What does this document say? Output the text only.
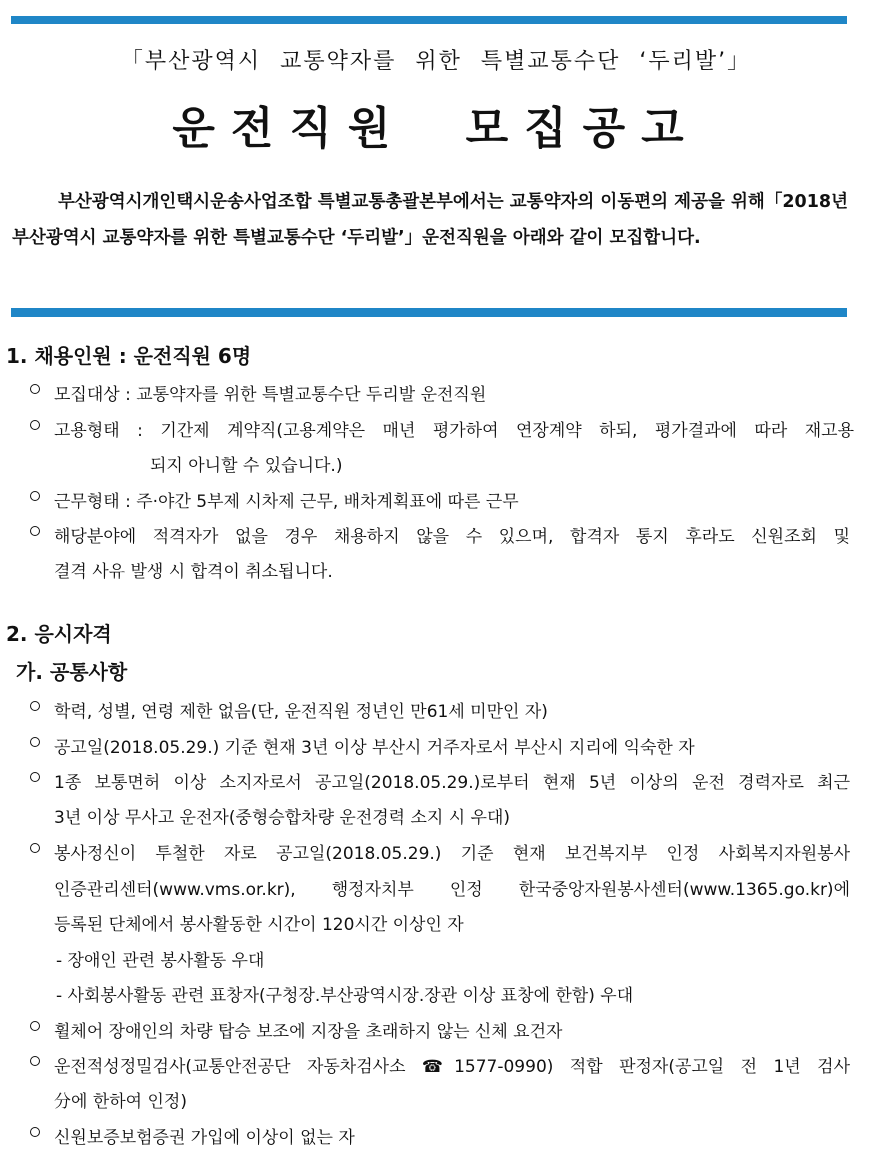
「부산광역시 교통약자를 위한 특별교통수단 ‘두리발’」
운전직원 모집공고
부산광역시개인택시운송사업조합 특별교통총괄본부에서는 교통약자의 이동편의 제공을 위해「2018년 부산광역시 교통약자를 위한 특별교통수단 ‘두리발’」운전직원을 아래와 같이 모집합니다.
1. 채용인원 : 운전직원 6명
모집대상 : 교통약자를 위한 특별교통수단 두리발 운전직원
고용형태 : 기간제 계약직(고용계약은 매년 평가하여 연장계약 하되, 평가결과에 따라 재고용
되지 아니할 수 있습니다.)
근무형태 : 주·야간 5부제 시차제 근무, 배차계획표에 따른 근무
해당분야에 적격자가 없을 경우 채용하지 않을 수 있으며, 합격자 통지 후라도 신원조회 및
결격 사유 발생 시 합격이 취소됩니다.
2. 응시자격
가. 공통사항
학력, 성별, 연령 제한 없음(단, 운전직원 정년인 만61세 미만인 자)
공고일(2018.05.29.) 기준 현재 3년 이상 부산시 거주자로서 부산시 지리에 익숙한 자
1종 보통면허 이상 소지자로서 공고일(2018.05.29.)로부터 현재 5년 이상의 운전 경력자로 최근
3년 이상 무사고 운전자(중형승합차량 운전경력 소지 시 우대)
봉사정신이 투철한 자로 공고일(2018.05.29.) 기준 현재 보건복지부 인정 사회복지자원봉사
인증관리센터(www.vms.or.kr), 행정자치부 인정 한국중앙자원봉사센터(www.1365.go.kr)에
등록된 단체에서 봉사활동한 시간이 120시간 이상인 자
- 장애인 관련 봉사활동 우대
- 사회봉사활동 관련 표창자(구청장.부산광역시장.장관 이상 표창에 한함) 우대
휠체어 장애인의 차량 탑승 보조에 지장을 초래하지 않는 신체 요건자
운전적성정밀검사(교통안전공단 자동차검사소 ☎1577-0990) 적합 판정자(공고일 전 1년 검사
分에 한하여 인정)
신원보증보험증권 가입에 이상이 없는 자
